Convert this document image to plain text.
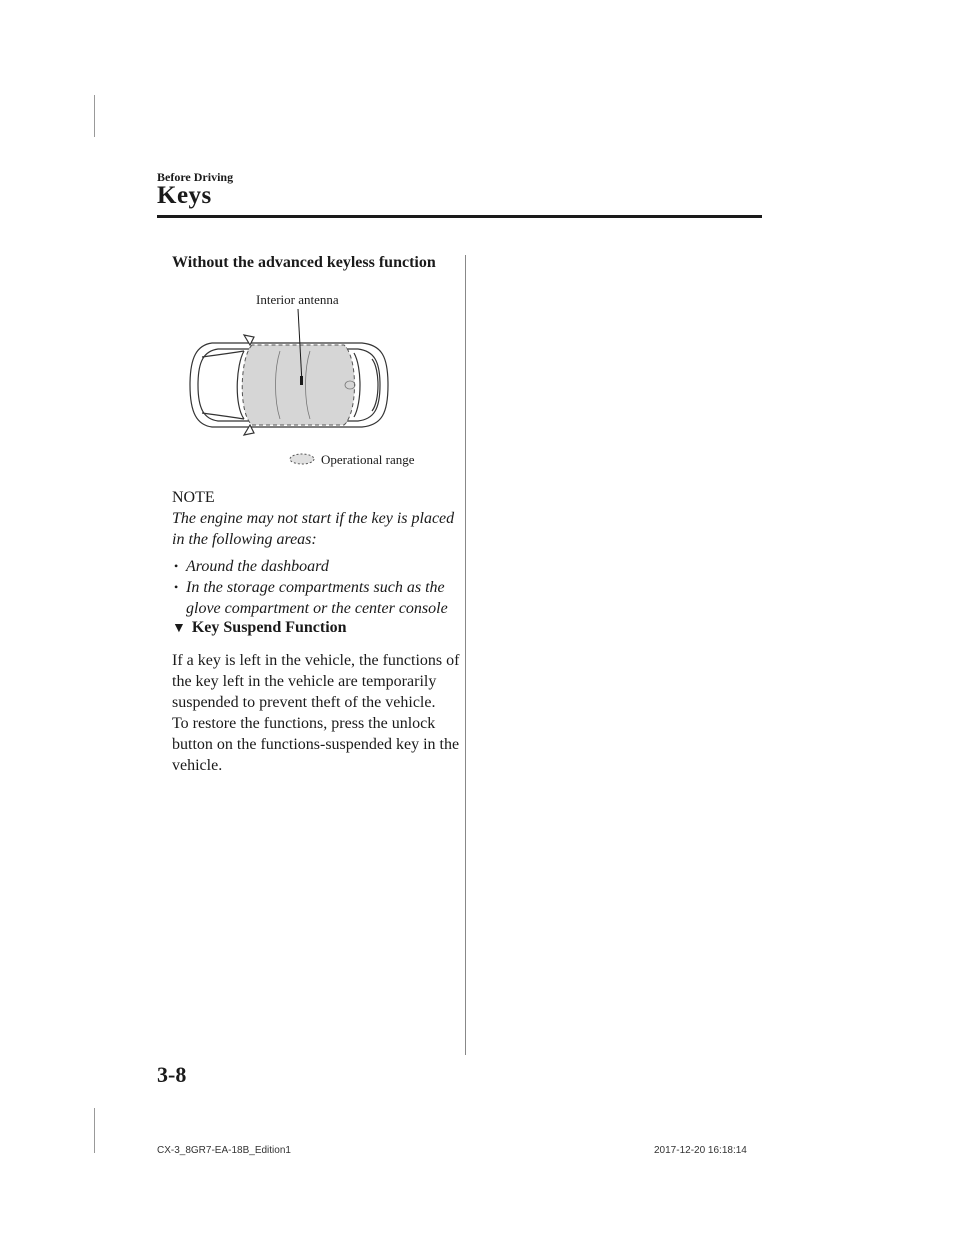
Before Driving

Keys
Without the advanced keyless function
Interior antenna
Operational range

NOTE

The engine may not start if the key is placed in the following areas:

• Around the dashboard
• In the storage compartments such as the glove compartment or the center console
▼ Key Suspend Function

If a key is left in the vehicle, the functions of the key left in the vehicle are temporarily suspended to prevent theft of the vehicle.

To restore the functions, press the unlock button on the functions-suspended key in the vehicle.

3-8

CX-3_8GR7-EA-18B_Edition1	2017-12-20 16:18:14
